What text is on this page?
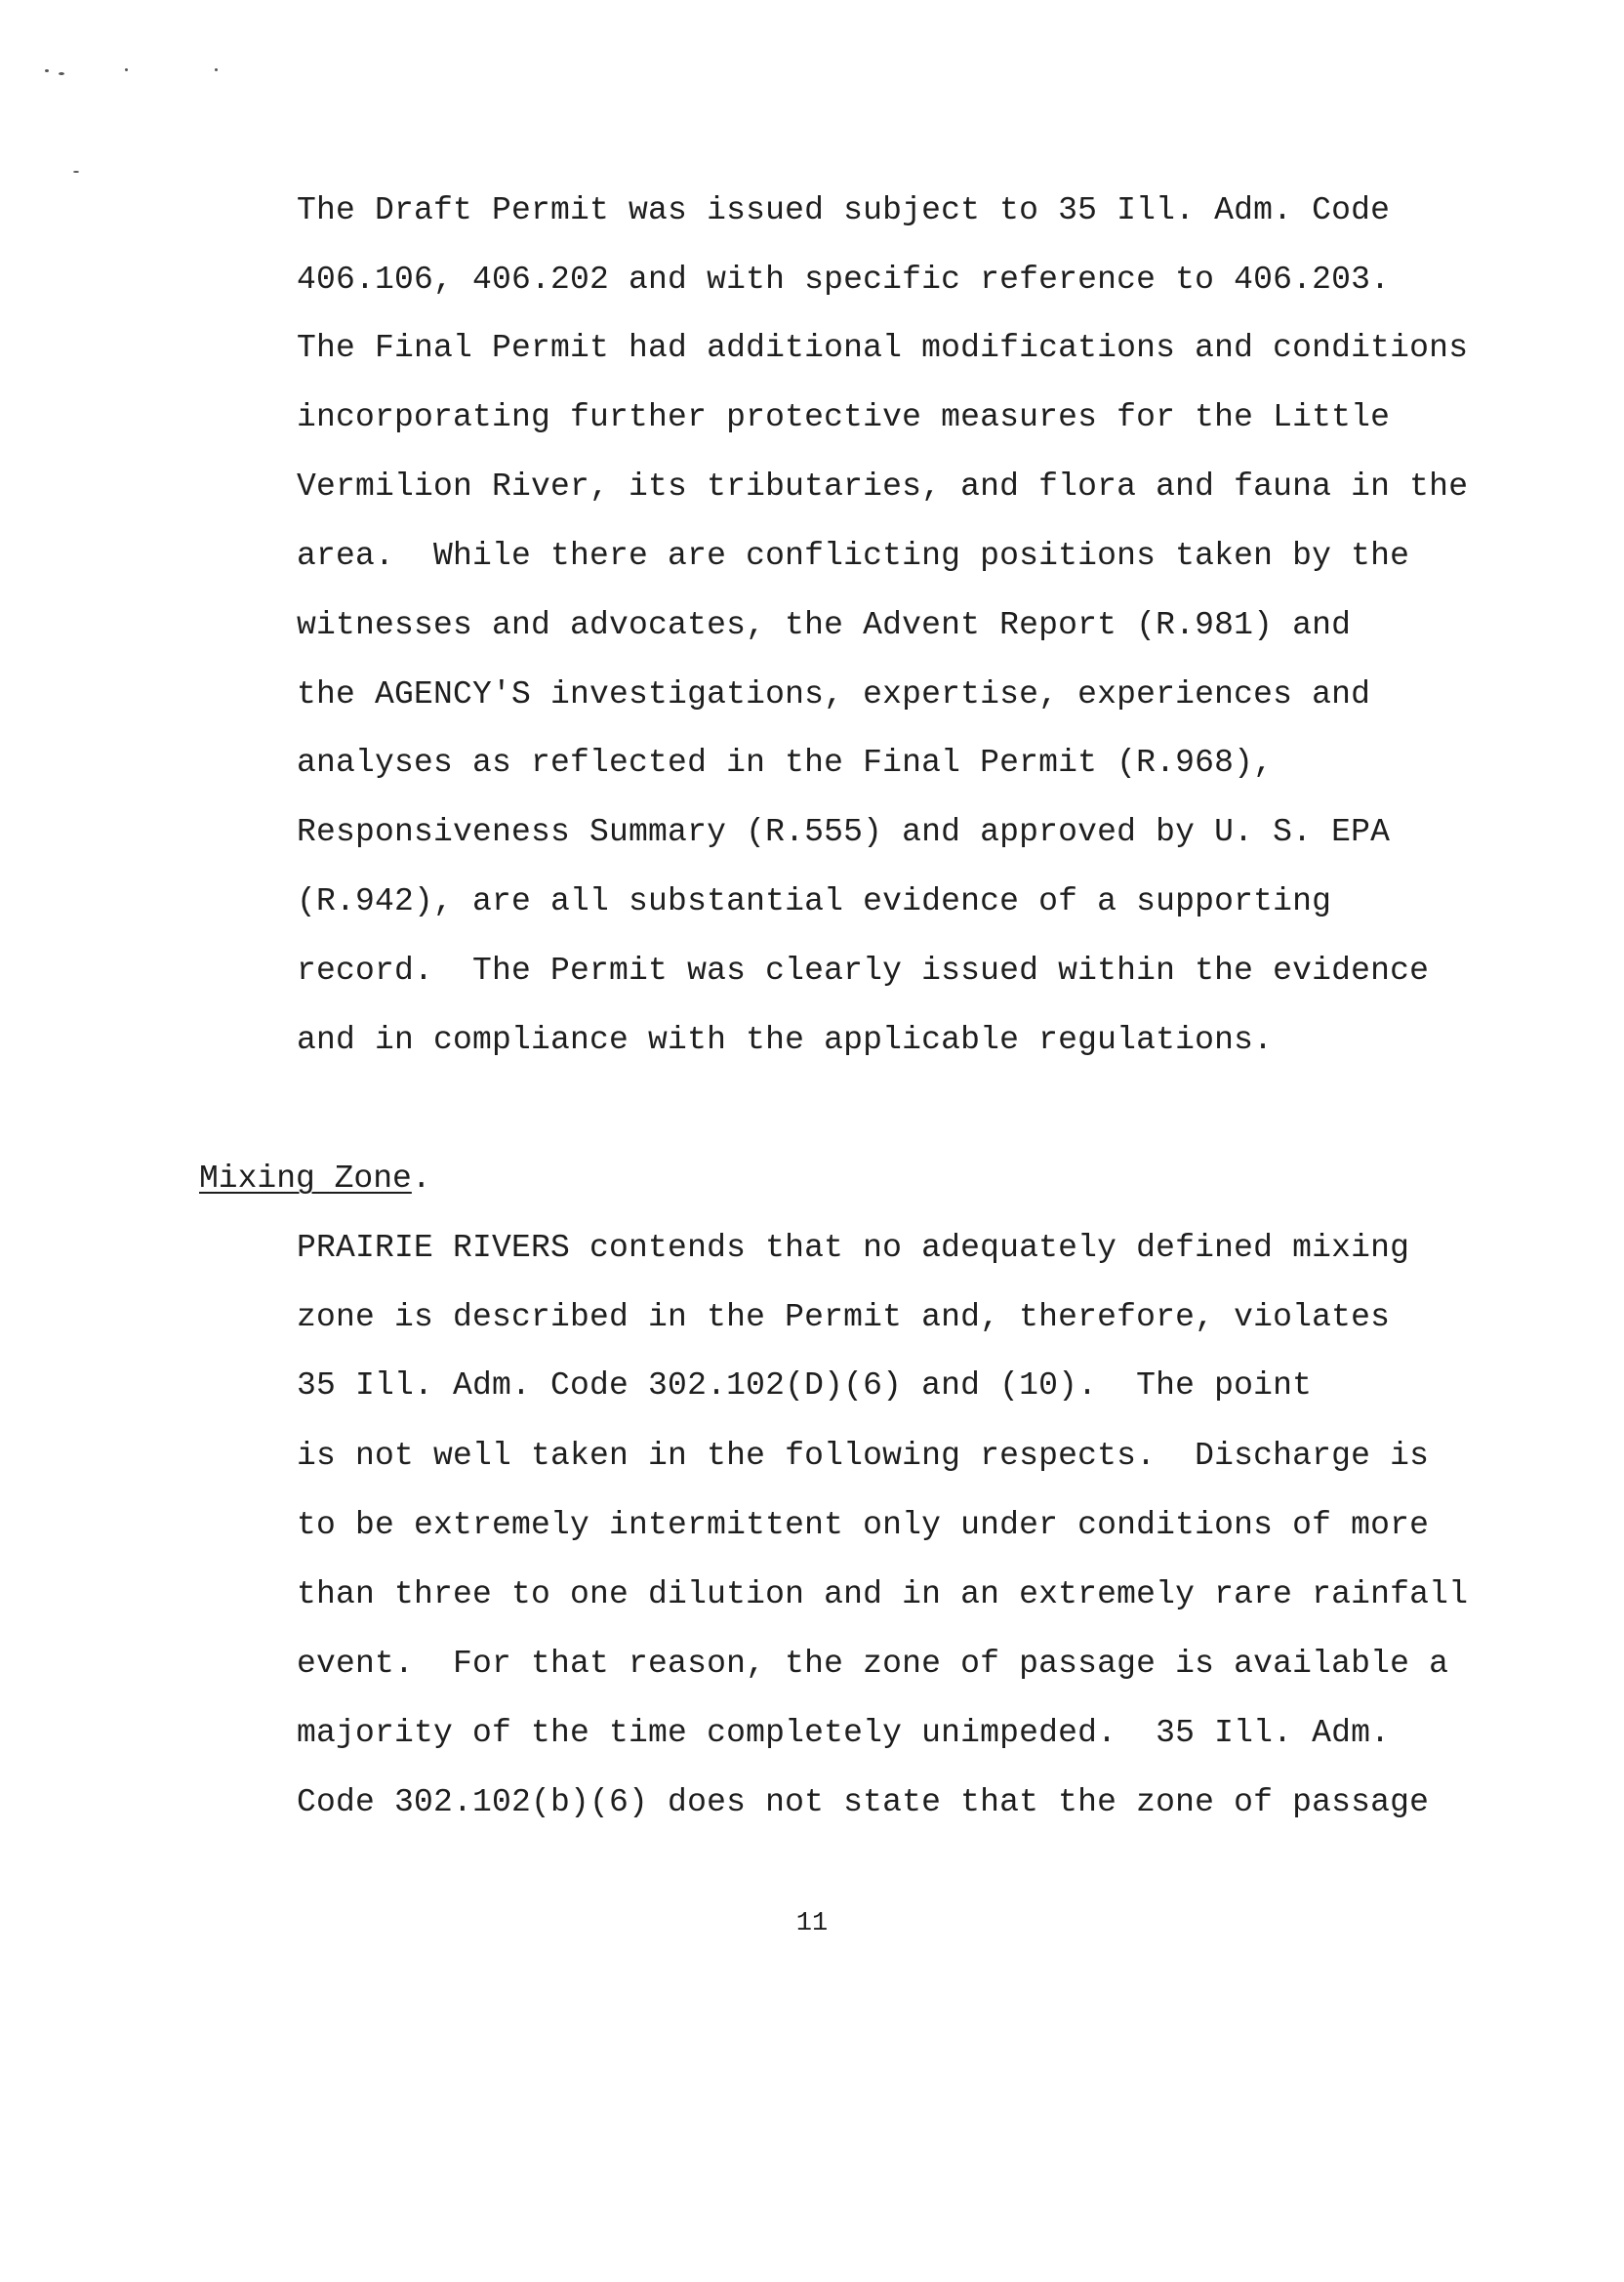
The Draft Permit was issued subject to 35 Ill. Adm. Code
406.106, 406.202 and with specific reference to 406.203.
The Final Permit had additional modifications and conditions
incorporating further protective measures for the Little
Vermilion River, its tributaries, and flora and fauna in the
area.  While there are conflicting positions taken by the
witnesses and advocates, the Advent Report (R.981) and
the AGENCY'S investigations, expertise, experiences and
analyses as reflected in the Final Permit (R.968),
Responsiveness Summary (R.555) and approved by U. S. EPA
(R.942), are all substantial evidence of a supporting
record.  The Permit was clearly issued within the evidence
and in compliance with the applicable regulations.
Mixing Zone.
PRAIRIE RIVERS contends that no adequately defined mixing
zone is described in the Permit and, therefore, violates
35 Ill. Adm. Code 302.102(D)(6) and (10).  The point
is not well taken in the following respects.  Discharge is
to be extremely intermittent only under conditions of more
than three to one dilution and in an extremely rare rainfall
event.  For that reason, the zone of passage is available a
majority of the time completely unimpeded.  35 Ill. Adm.
Code 302.102(b)(6) does not state that the zone of passage
11
